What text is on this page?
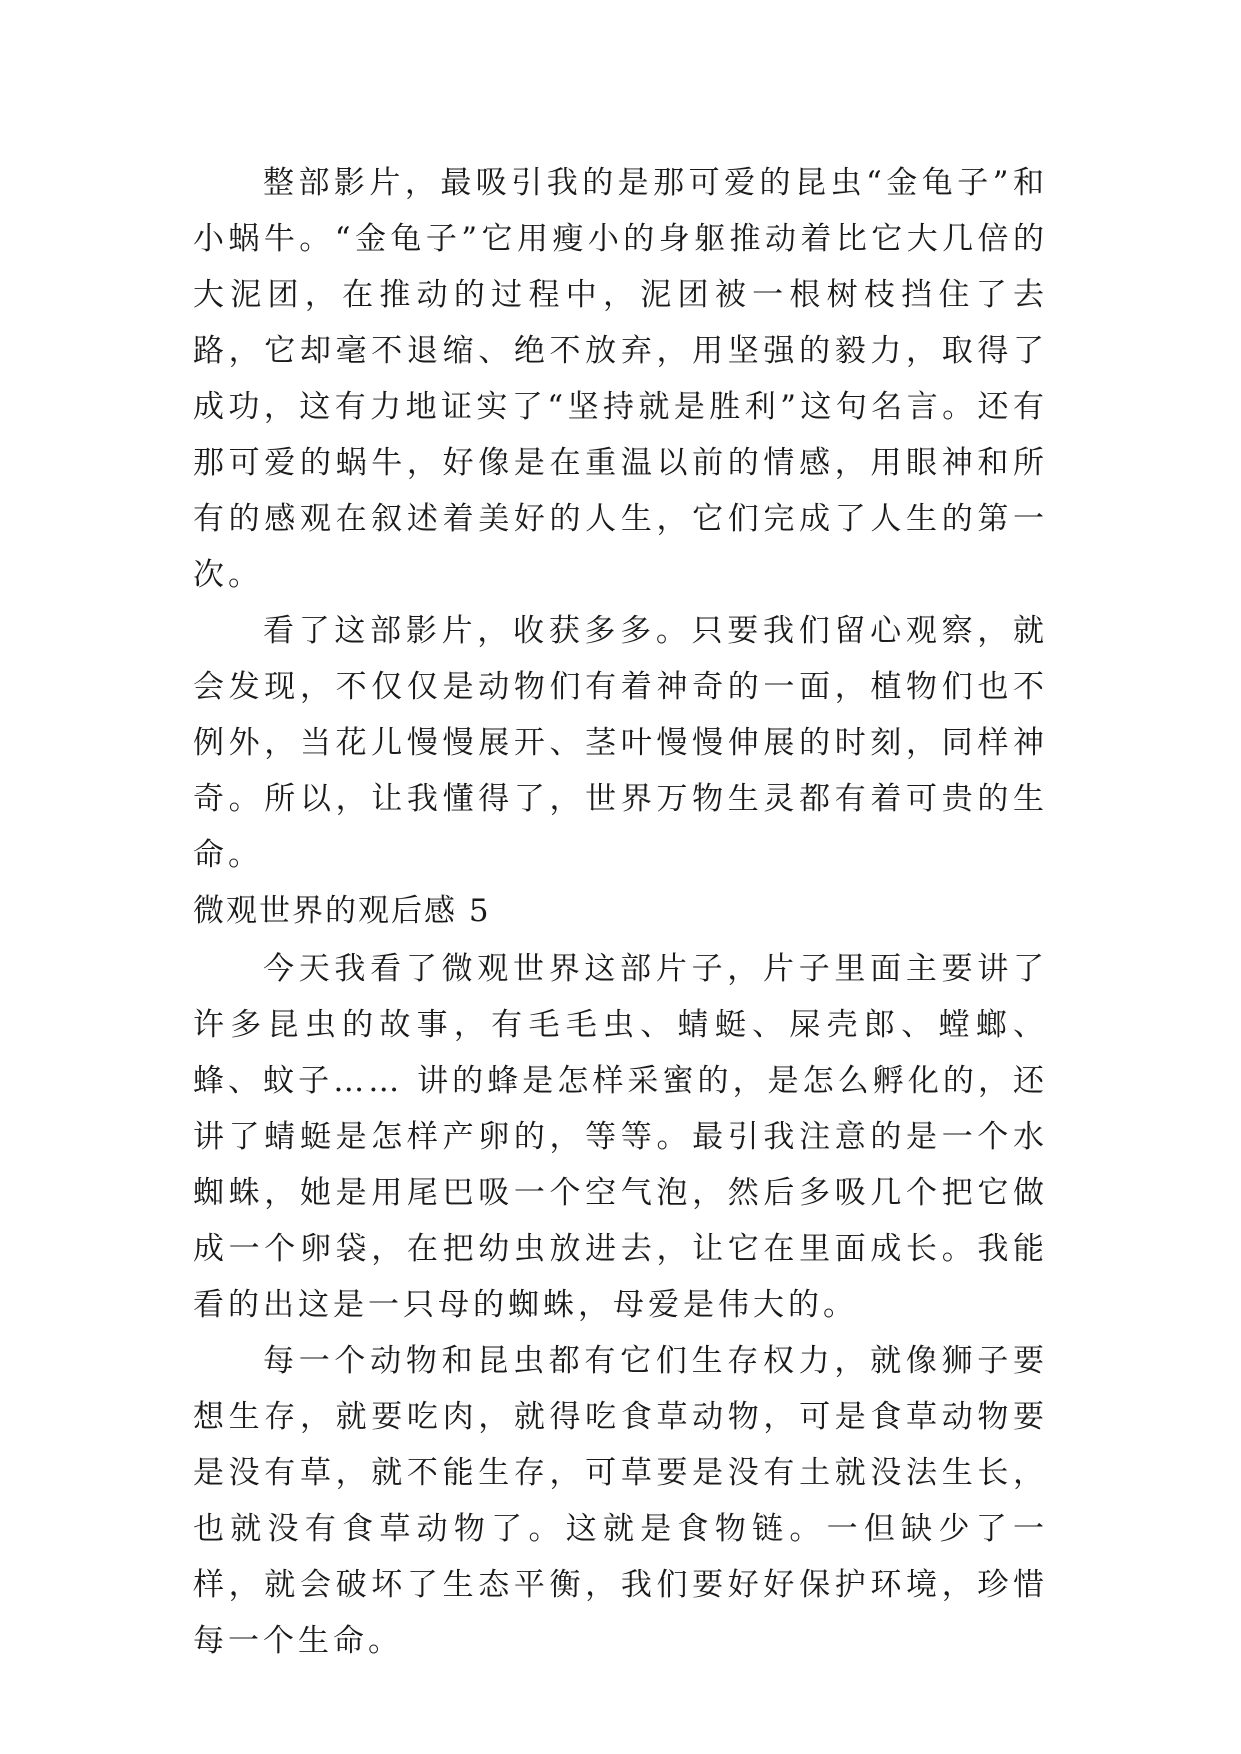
整部影片，最吸引我的是那可爱的昆虫“金龟子”和小蜗牛。“金龟子”它用瘦小的身躯推动着比它大几倍的大泥团，在推动的过程中，泥团被一根树枝挡住了去路，它却毫不退缩、绝不放弃，用坚强的毅力，取得了成功，这有力地证实了“坚持就是胜利”这句名言。还有那可爱的蜗牛，好像是在重温以前的情感，用眼神和所有的感观在叙述着美好的人生，它们完成了人生的第一次。

看了这部影片，收获多多。只要我们留心观察，就会发现，不仅仅是动物们有着神奇的一面，植物们也不例外，当花儿慢慢展开、茎叶慢慢伸展的时刻，同样神奇。所以，让我懂得了，世界万物生灵都有着可贵的生命。

微观世界的观后感 5

今天我看了微观世界这部片子，片子里面主要讲了许多昆虫的故事，有毛毛虫、蜻蜓、屎壳郎、螳螂、蜂、蚊子…… 讲的蜂是怎样采蜜的，是怎么孵化的，还讲了蜻蜓是怎样产卵的，等等。最引我注意的是一个水蜘蛛，她是用尾巴吸一个空气泡，然后多吸几个把它做成一个卵袋，在把幼虫放进去，让它在里面成长。我能看的出这是一只母的蜘蛛，母爱是伟大的。

每一个动物和昆虫都有它们生存权力，就像狮子要想生存，就要吃肉，就得吃食草动物，可是食草动物要是没有草，就不能生存，可草要是没有土就没法生长，也就没有食草动物了。这就是食物链。一但缺少了一样，就会破坏了生态平衡，我们要好好保护环境，珍惜每一个生命。
